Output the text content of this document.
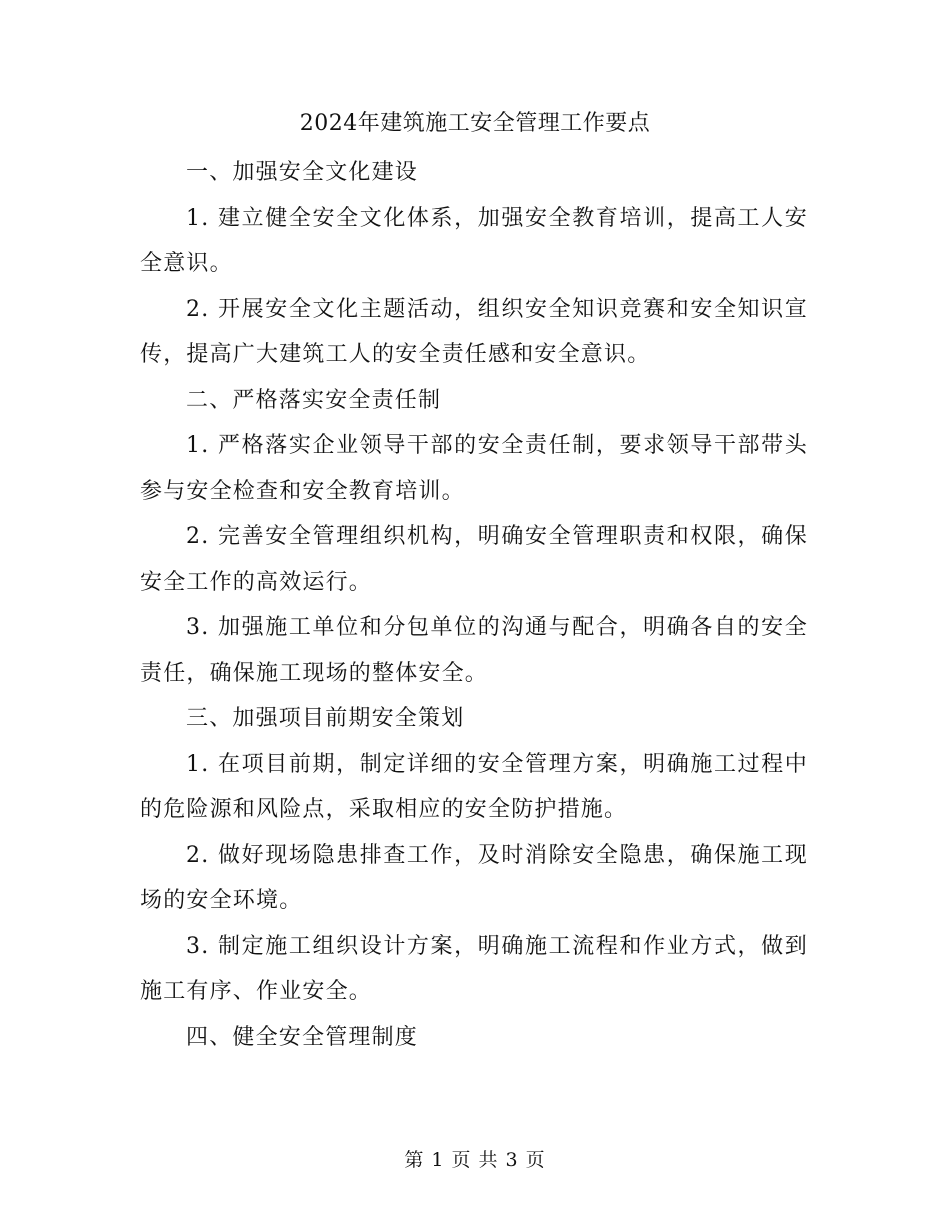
2024年建筑施工安全管理工作要点

一、加强安全文化建设

1. 建立健全安全文化体系，加强安全教育培训，提高工人安全意识。

2. 开展安全文化主题活动，组织安全知识竞赛和安全知识宣传，提高广大建筑工人的安全责任感和安全意识。

二、严格落实安全责任制

1. 严格落实企业领导干部的安全责任制，要求领导干部带头参与安全检查和安全教育培训。

2. 完善安全管理组织机构，明确安全管理职责和权限，确保安全工作的高效运行。

3. 加强施工单位和分包单位的沟通与配合，明确各自的安全责任，确保施工现场的整体安全。

三、加强项目前期安全策划

1. 在项目前期，制定详细的安全管理方案，明确施工过程中的危险源和风险点，采取相应的安全防护措施。

2. 做好现场隐患排查工作，及时消除安全隐患，确保施工现场的安全环境。

3. 制定施工组织设计方案，明确施工流程和作业方式，做到施工有序、作业安全。

四、健全安全管理制度

第 1 页 共 3 页
